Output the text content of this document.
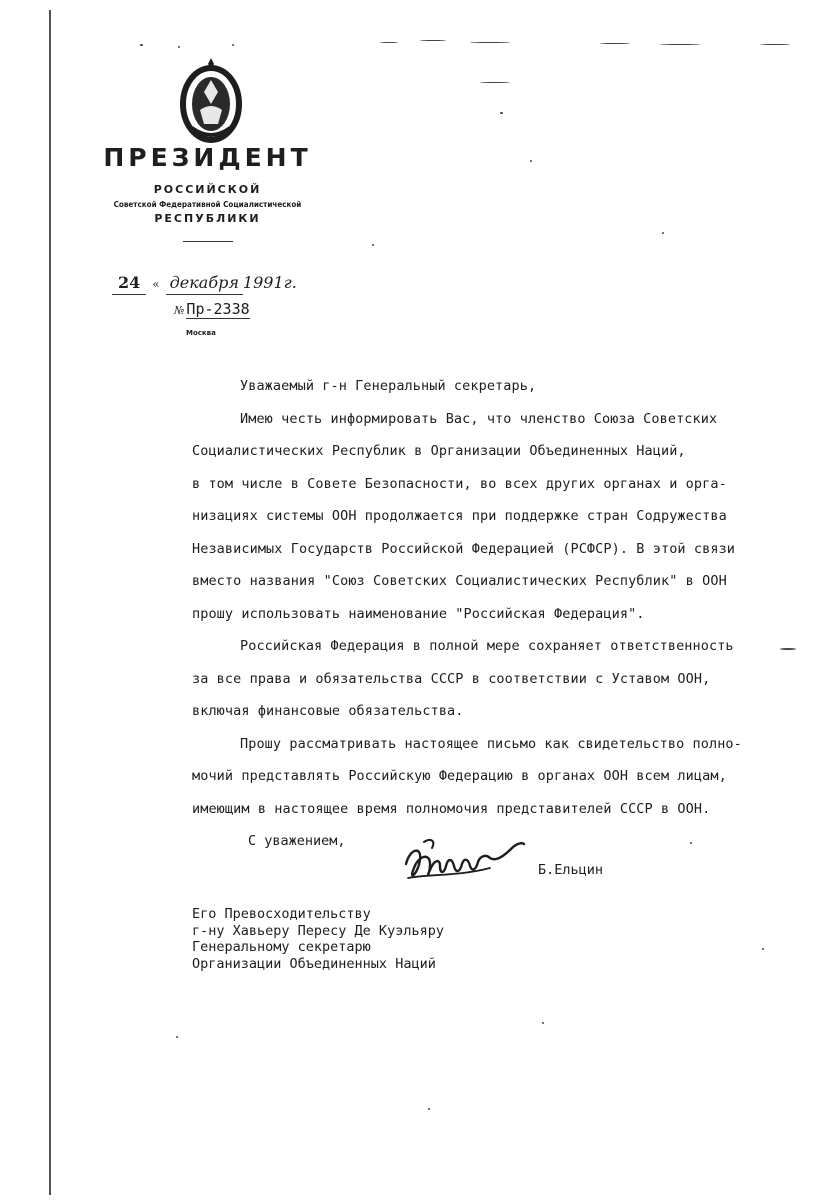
ПРЕЗИДЕНТ
РОССИЙСКОЙ
Советской Федеративной Социалистической
РЕСПУБЛИКИ
24 « декабря 1991г.
№ Пр-2338
Москва
Уважаемый г-н Генеральный секретарь,
Имею честь информировать Вас, что членство Союза Советских
Социалистических Республик в Организации Объединенных Наций,
в том числе в Совете Безопасности, во всех других органах и орга-
низациях системы ООН продолжается при поддержке стран Содружества
Независимых Государств Российской Федерацией (РСФСР). В этой связи
вместо названия "Союз Советских Социалистических Республик" в ООН
прошу использовать наименование "Российская Федерация".
Российская Федерация в полной мере сохраняет ответственность
за все права и обязательства СССР в соответствии с Уставом ООН,
включая финансовые обязательства.
Прошу рассматривать настоящее письмо как свидетельство полно-
мочий представлять Российскую Федерацию в органах ООН всем лицам,
имеющим в настоящее время полномочия представителей СССР в ООН.
С уважением,
Б.Ельцин
Его Превосходительству
г-ну Хавьеру Пересу Де Куэльяру
Генеральному секретарю
Организации Объединенных Наций
